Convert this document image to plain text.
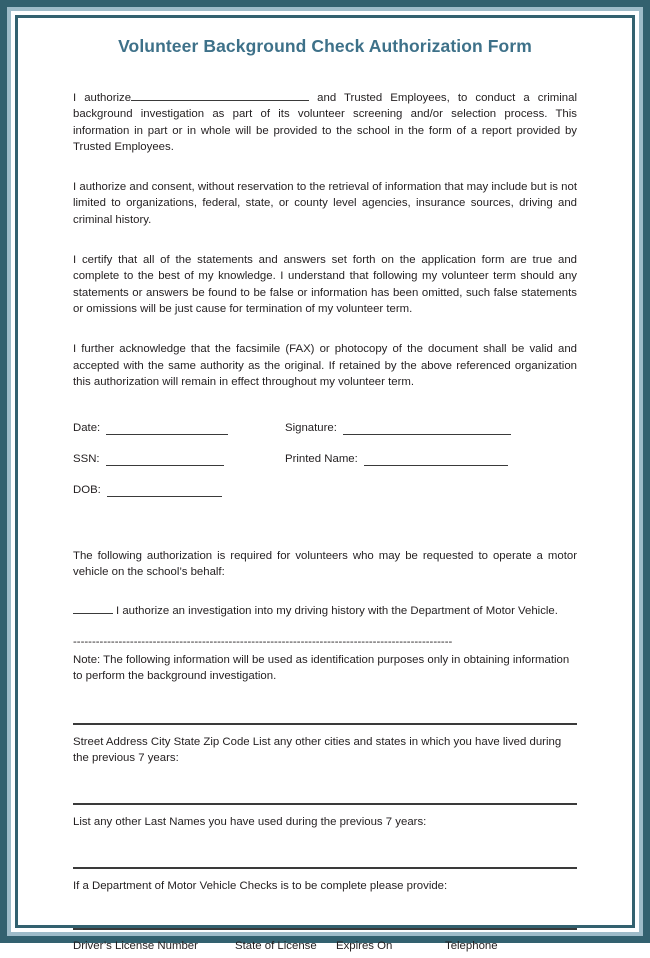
Volunteer Background Check Authorization Form

I authorize	and Trusted Employees, to conduct a criminal background investigation as part of its volunteer screening and/or selection process. This information in part or in whole will be provided to the school in the form of a report provided by Trusted Employees.

I authorize and consent, without reservation to the retrieval of information that may include but is not limited to organizations, federal, state, or county level agencies, insurance sources, driving and criminal history.

I certify that all of the statements and answers set forth on the application form are true and complete to the best of my knowledge. I understand that following my volunteer term should any statements or answers be found to be false or information has been omitted, such false statements or omissions will be just cause for termination of my volunteer term.

I further acknowledge that the facsimile (FAX) or photocopy of the document shall be valid and accepted with the same authority as the original. If retained by the above referenced organization this authorization will remain in effect throughout my volunteer term.

Date:	Signature:
SSN:	Printed Name:
DOB:

The following authorization is required for volunteers who may be requested to operate a motor vehicle on the school’s behalf:

I authorize an investigation into my driving history with the Department of Motor Vehicle.

----------------------------------------------------------------------------------------------------

Note: The following information will be used as identification purposes only in obtaining information to perform the background investigation.

Street Address City State Zip Code List any other cities and states in which you have lived during the previous 7 years:

List any other Last Names you have used during the previous 7 years:

If a Department of Motor Vehicle Checks is to be complete please provide:

Driver’s License Number	State of License Expires On	Telephone
